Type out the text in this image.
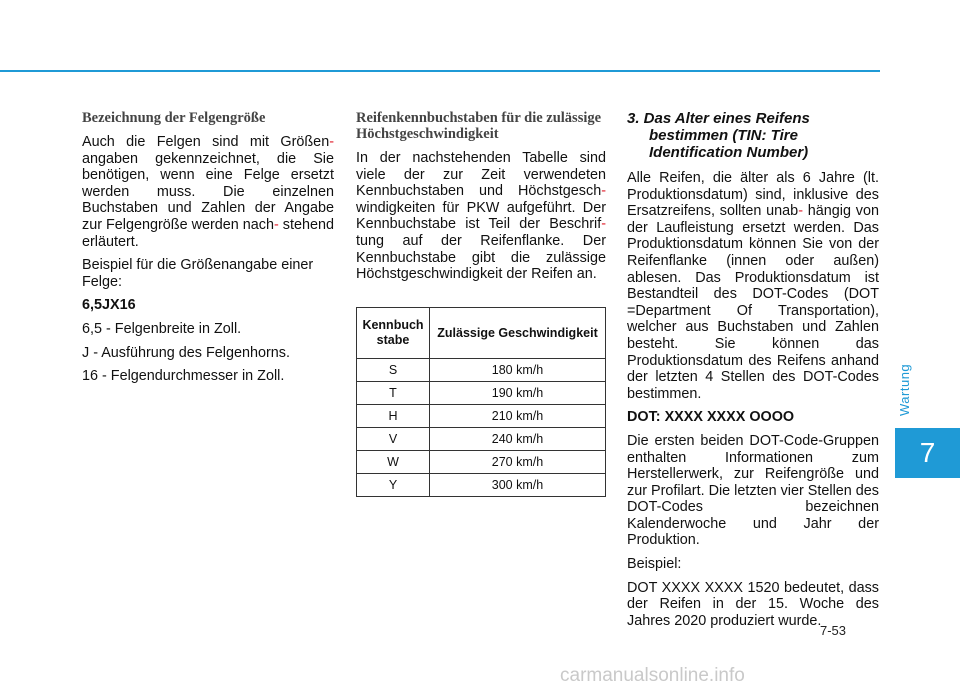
Wartung
7
Bezeichnung der Felgengröße

Auch die Felgen sind mit Größen- angaben gekennzeichnet, die Sie benötigen, wenn eine Felge ersetzt werden muss. Die einzelnen Buchstaben und Zahlen der Angabe zur Felgengröße werden nach- stehend erläutert.

Beispiel für die Größenangabe einer Felge:

6,5JX16

6,5 - Felgenbreite in Zoll.

J - Ausführung des Felgenhorns.

16 - Felgendurchmesser in Zoll.

Reifenkennbuchstaben für die zulässige Höchstgeschwindigkeit

In der nachstehenden Tabelle sind viele der zur Zeit verwendeten Kennbuchstaben und Höchstgesch- windigkeiten für PKW aufgeführt. Der Kennbuchstabe ist Teil der Beschrif- tung auf der Reifenflanke. Der Kennbuchstabe gibt die zulässige Höchstgeschwindigkeit der Reifen an.

Kennbuch stabe	Zulässige Geschwindigkeit
S	180 km/h
T	190 km/h
H	210 km/h
V	240 km/h
W	270 km/h
Y	300 km/h
3. Das Alter eines Reifens bestimmen (TIN: Tire Identification Number)

Alle Reifen, die älter als 6 Jahre (lt. Produktionsdatum) sind, inklusive des Ersatzreifens, sollten unab- hängig von der Laufleistung ersetzt werden. Das Produktionsdatum können Sie von der Reifenflanke (innen oder außen) ablesen. Das Produktionsdatum ist Bestandteil des DOT-Codes (DOT =Department Of Transportation), welcher aus Buchstaben und Zahlen besteht. Sie können das Produktionsdatum des Reifens anhand der letzten 4 Stellen des DOT-Codes bestimmen.

DOT: XXXX XXXX OOOO

Die ersten beiden DOT-Code-Gruppen enthalten Informationen zum Herstellerwerk, zur Reifengröße und zur Profilart. Die letzten vier Stellen des DOT-Codes bezeichnen Kalenderwoche und Jahr der Produktion.

Beispiel:

DOT XXXX XXXX 1520 bedeutet, dass der Reifen in der 15. Woche des Jahres 2020 produziert wurde.

7-53
carmanualsonline.info
